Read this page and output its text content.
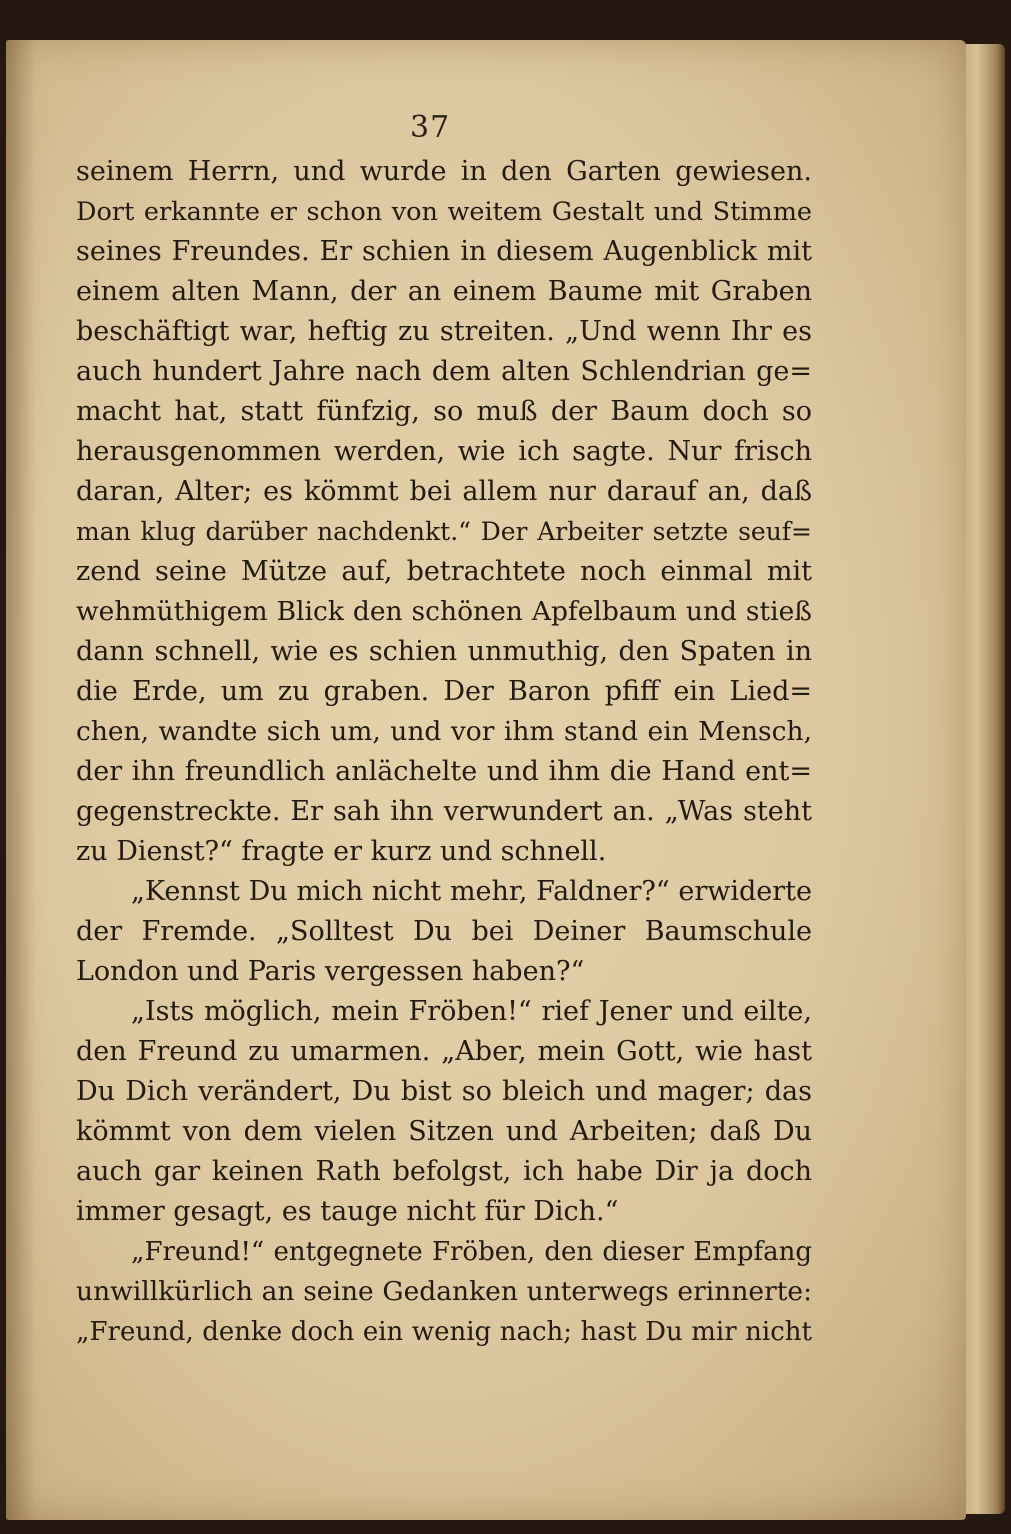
37
seinem Herrn, und wurde in den Garten gewiesen.
Dort erkannte er schon von weitem Gestalt und Stimme
seines Freundes. Er schien in diesem Augenblick mit
einem alten Mann, der an einem Baume mit Graben
beschäftigt war, heftig zu streiten. „Und wenn Ihr es
auch hundert Jahre nach dem alten Schlendrian ge=
macht hat, statt fünfzig, so muß der Baum doch so
herausgenommen werden, wie ich sagte. Nur frisch
daran, Alter; es kömmt bei allem nur darauf an, daß
man klug darüber nachdenkt.“ Der Arbeiter setzte seuf=
zend seine Mütze auf, betrachtete noch einmal mit
wehmüthigem Blick den schönen Apfelbaum und stieß
dann schnell, wie es schien unmuthig, den Spaten in
die Erde, um zu graben. Der Baron pfiff ein Lied=
chen, wandte sich um, und vor ihm stand ein Mensch,
der ihn freundlich anlächelte und ihm die Hand ent=
gegenstreckte. Er sah ihn verwundert an. „Was steht
zu Dienst?“ fragte er kurz und schnell.
„Kennst Du mich nicht mehr, Faldner?“ erwiderte
der Fremde. „Solltest Du bei Deiner Baumschule
London und Paris vergessen haben?“
„Ists möglich, mein Fröben!“ rief Jener und eilte,
den Freund zu umarmen. „Aber, mein Gott, wie hast
Du Dich verändert, Du bist so bleich und mager; das
kömmt von dem vielen Sitzen und Arbeiten; daß Du
auch gar keinen Rath befolgst, ich habe Dir ja doch
immer gesagt, es tauge nicht für Dich.“
„Freund!“ entgegnete Fröben, den dieser Empfang
unwillkürlich an seine Gedanken unterwegs erinnerte:
„Freund, denke doch ein wenig nach; hast Du mir nicht
